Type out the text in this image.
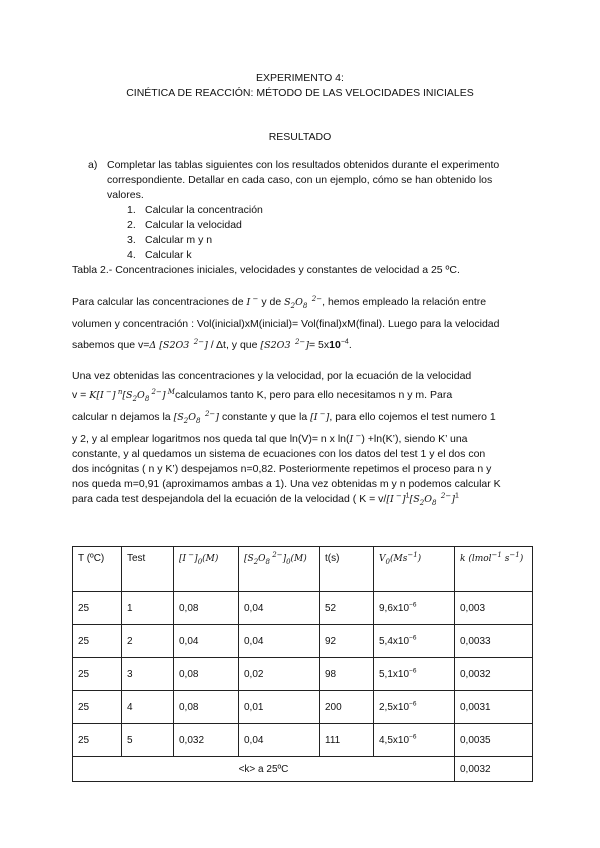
EXPERIMENTO 4:
CINÉTICA DE REACCIÓN: MÉTODO DE LAS VELOCIDADES INICIALES
RESULTADO
a) Completar las tablas siguientes con los resultados obtenidos durante el experimento
correspondiente. Detallar en cada caso, con un ejemplo, cómo se han obtenido los
valores.
1. Calcular la concentración
2. Calcular la velocidad
3. Calcular m y n
4. Calcular k
Tabla 2.- Concentraciones iniciales, velocidades y constantes de velocidad a 25 ºC.
Para calcular las concentraciones de I − y de $S_2O_8$  $^{2-}$, hemos empleado la relación entre
volumen y concentración : Vol(inicial)xM(inicial)= Vol(final)xM(final). Luego para la velocidad
sabemos que v=Δ [S2O3  $^{2-}$] / Δt, y que [S2O3  $^{2-}]= 5x10^{-4}$.
Una vez obtenidas las concentraciones y la velocidad, por la ecuación de la velocidad
v = K[I −] $^n[S_2O_8$ $^{2-}$] $^M$calculamos tanto K, pero para ello necesitamos n y m. Para
calcular n dejamos la [$S_2O_8$  $^{2-}$] constante y que la [I −], para ello cojemos el test numero 1
y 2, y al emplear logaritmos nos queda tal que ln(V)= n x ln(I −) +ln(K’), siendo K’ una
constante, y al quedamos un sistema de ecuaciones con los datos del test 1 y el dos con
dos incógnitas ( n y K’) despejamos n=0,82. Posteriormente repetimos el proceso para n y
nos queda m=0,91 (aproximamos ambas a 1). Una vez obtenidas m y n podemos calcular K
para cada test despejandola del la ecuación de la velocidad ( K = v/[I $^-]^1[S_2O_8$  $^{2-}$]$^1$
T (ºC)	Test	[I $^-]_0(M)$	[$S_2O_8$ $^{2-}]_0(M)$	t(s)	$V_0(Ms^{-1})$	k (lmol$^{-1}$ $s^{-1}$)
25	1	0,08	0,04	52	$9,6x10^{-6}$	0,003
25	2	0,04	0,04	92	$5,4x10^{-6}$	0,0033
25	3	0,08	0,02	98	$5,1x10^{-6}$	0,0032
25	4	0,08	0,01	200	$2,5x10^{-6}$	0,0031
25	5	0,032	0,04	111	$4,5x10^{-6}$	0,0035
<k> a 25ºC						0,0032
